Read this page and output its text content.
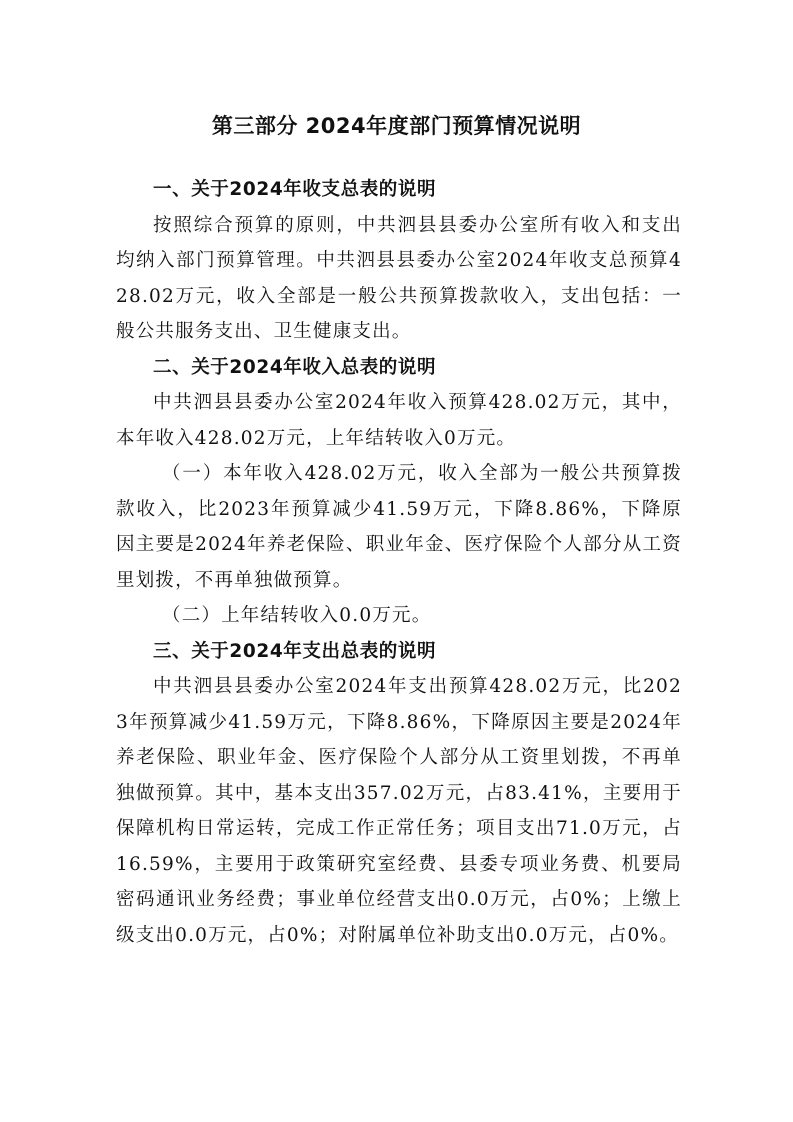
第三部分 2024年度部门预算情况说明

一、关于2024年收支总表的说明

按照综合预算的原则，中共泗县县委办公室所有收入和支出均纳入部门预算管理。中共泗县县委办公室2024年收支总预算428.02万元，收入全部是一般公共预算拨款收入，支出包括：一般公共服务支出、卫生健康支出。

二、关于2024年收入总表的说明

中共泗县县委办公室2024年收入预算428.02万元，其中，本年收入428.02万元，上年结转收入0万元。

（一）本年收入428.02万元，收入全部为一般公共预算拨款收入，比2023年预算减少41.59万元，下降8.86%，下降原因主要是2024年养老保险、职业年金、医疗保险个人部分从工资里划拨，不再单独做预算。

（二）上年结转收入0.0万元。

三、关于2024年支出总表的说明

中共泗县县委办公室2024年支出预算428.02万元，比2023年预算减少41.59万元，下降8.86%，下降原因主要是2024年养老保险、职业年金、医疗保险个人部分从工资里划拨，不再单独做预算。其中，基本支出357.02万元，占83.41%，主要用于保障机构日常运转，完成工作正常任务；项目支出71.0万元，占16.59%，主要用于政策研究室经费、县委专项业务费、机要局密码通讯业务经费；事业单位经营支出0.0万元，占0%；上缴上级支出0.0万元，占0%；对附属单位补助支出0.0万元，占0%。
